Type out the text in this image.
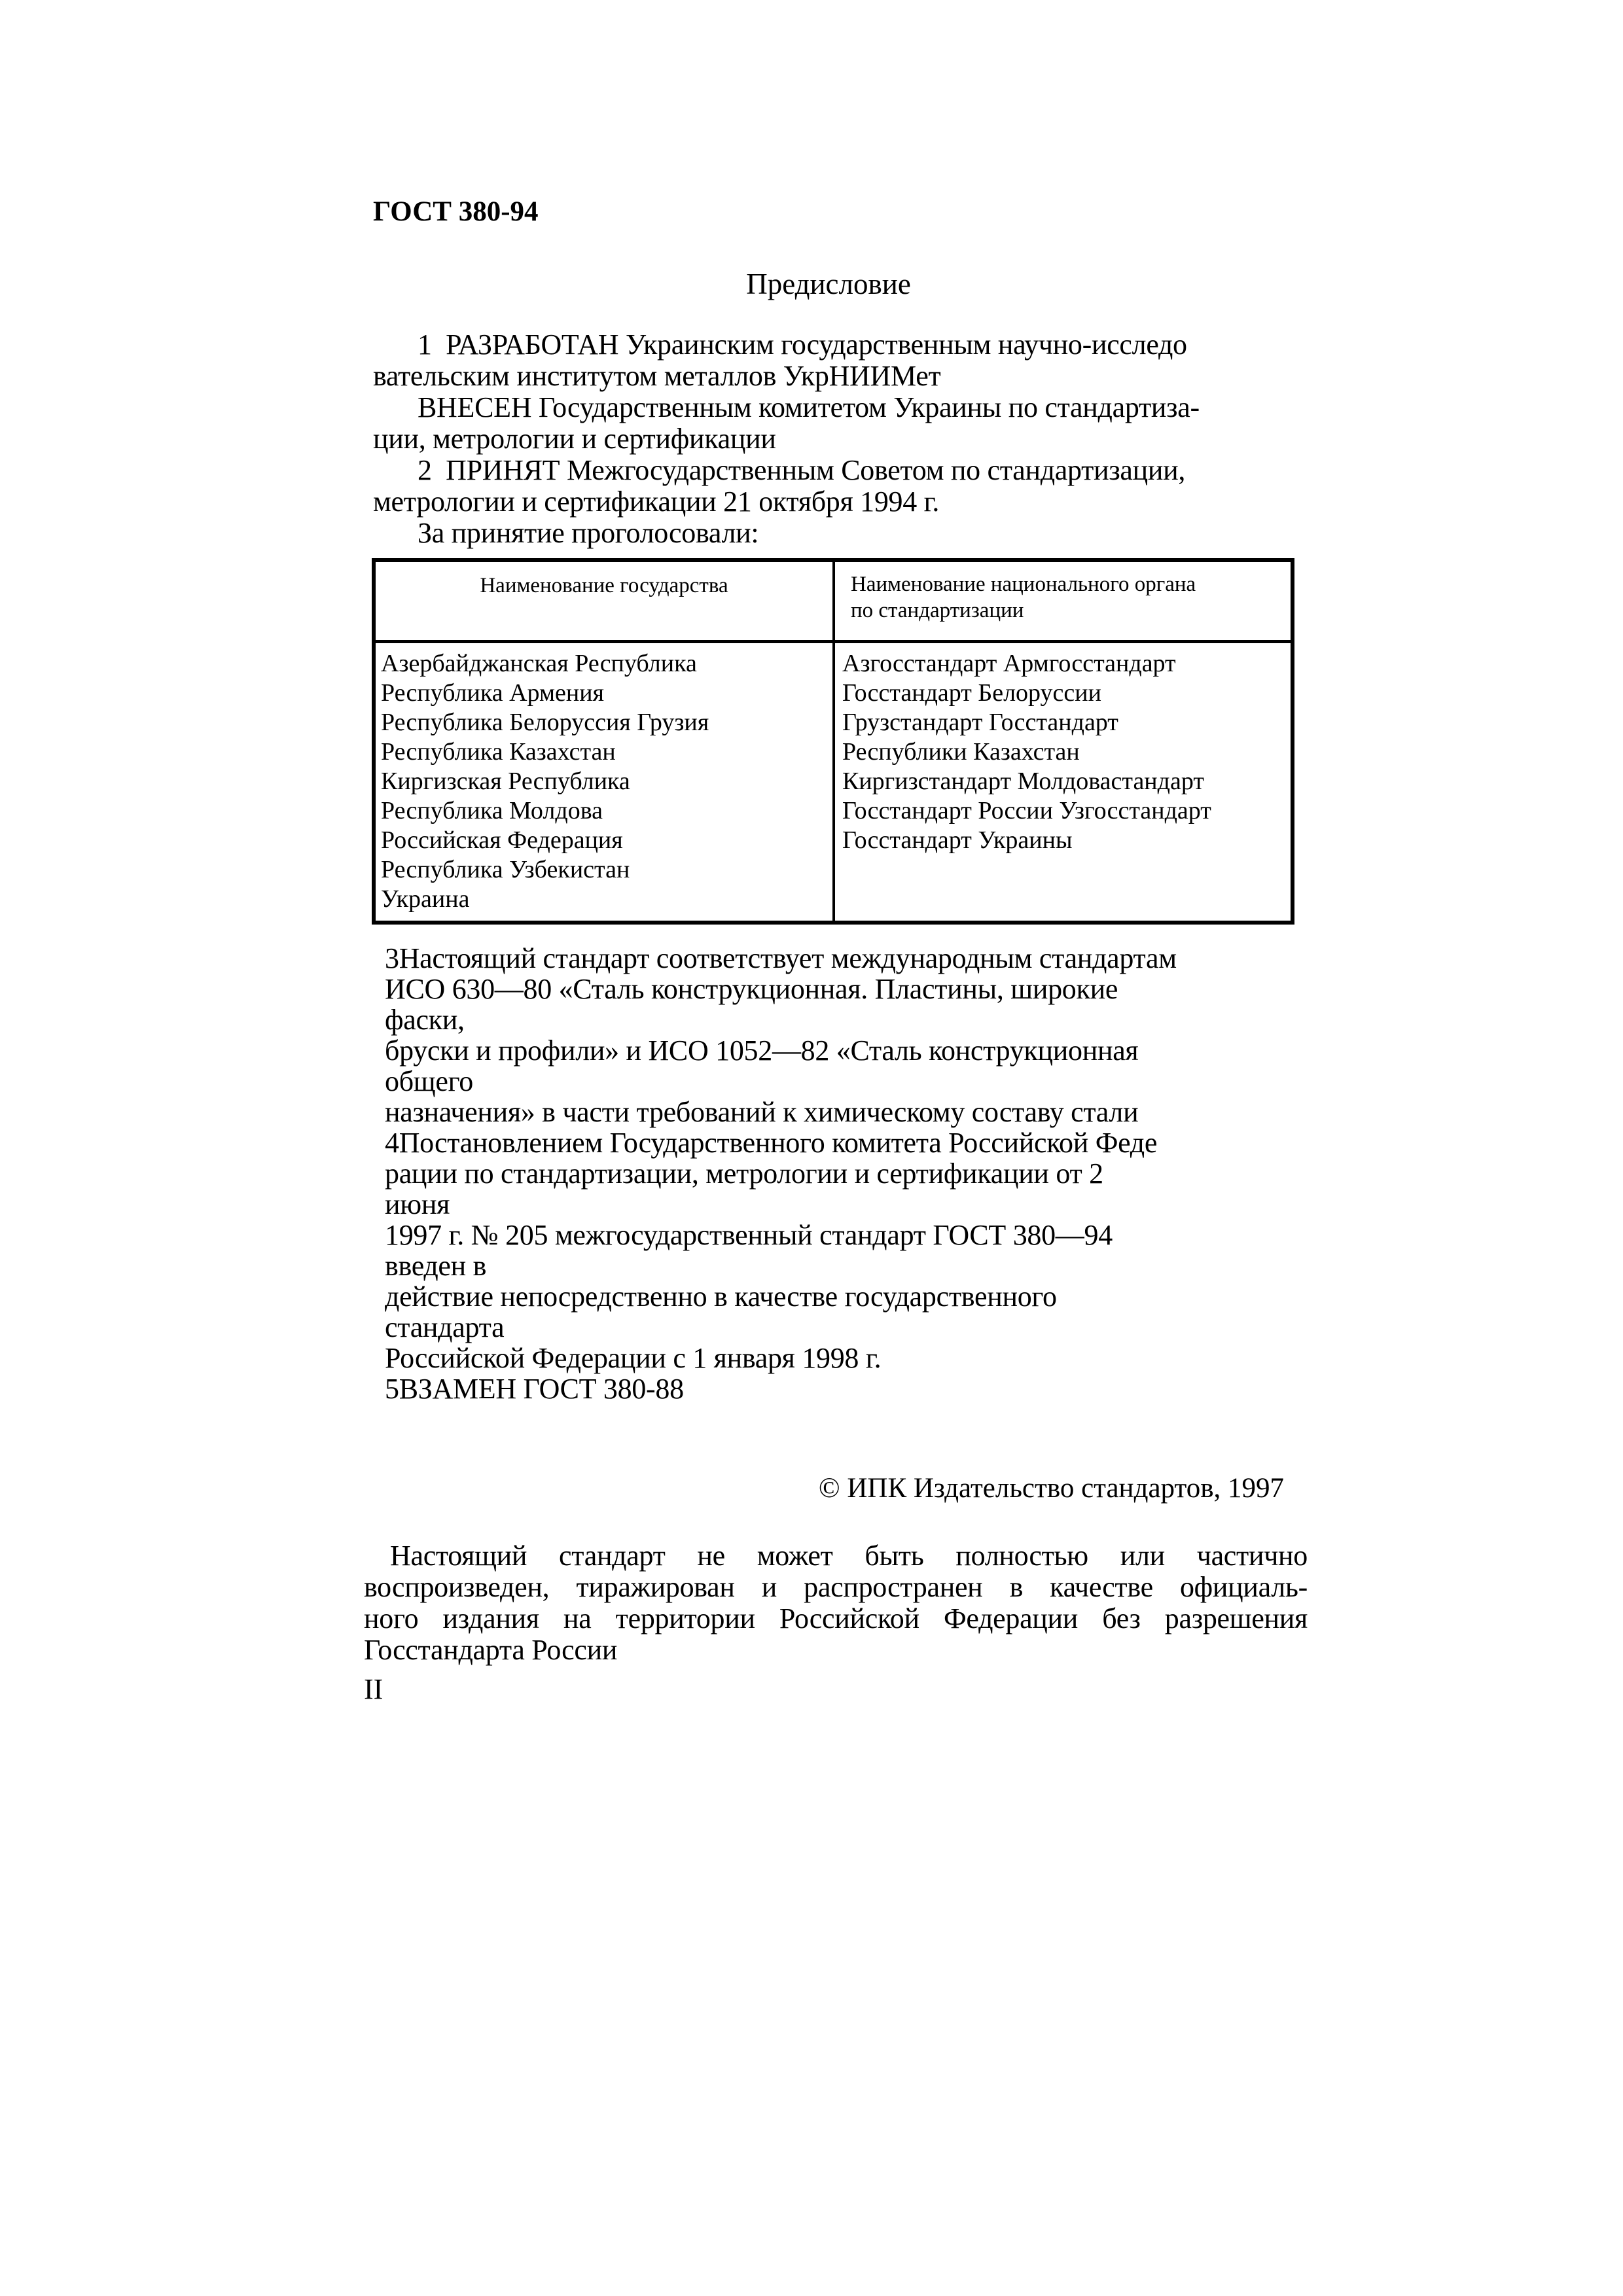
ГОСТ 380-94
Предисловие
1  РАЗРАБОТАН Украинским государственным научно-исследо
вательским институтом металлов УкрНИИМет
ВНЕСЕН Государственным комитетом Украины по стандартиза-
ции, метрологии и сертификации
2  ПРИНЯТ Межгосударственным Советом по стандартизации,
метрологии и сертификации 21 октября 1994 г.
За принятие проголосовали:
Наименование государства	Наименование национального органа
по стандартизации
Азербайджанская Республика
Республика Армения
Республика Белоруссия Грузия
Республика Казахстан
Киргизская Республика
Республика Молдова
Российская Федерация
Республика Узбекистан
Украина
Азгосстандарт Армгосстандарт
Госстандарт Белоруссии
Грузстандарт Госстандарт
Республики Казахстан
Киргизстандарт Молдовастандарт
Госстандарт России Узгосстандарт
Госстандарт Украины
3Настоящий стандарт соответствует международным стандартам
ИСО 630—80 «Сталь конструкционная. Пластины, широкие
фаски,
бруски и профили» и ИСО 1052—82 «Сталь конструкционная
общего
назначения» в части требований к химическому составу стали
4Постановлением Государственного комитета Российской Феде
рации по стандартизации, метрологии и сертификации от 2
июня
1997 г. № 205 межгосударственный стандарт ГОСТ 380—94
введен в
действие непосредственно в качестве государственного
стандарта
Российской Федерации с 1 января 1998 г.
5ВЗАМЕН ГОСТ 380-88
© ИПК Издательство стандартов, 1997
Настоящий стандарт не может быть полностью или частично
воспроизведен, тиражирован и распространен в качестве официаль-
ного издания на территории Российской Федерации без разрешения
Госстандарта России
II
